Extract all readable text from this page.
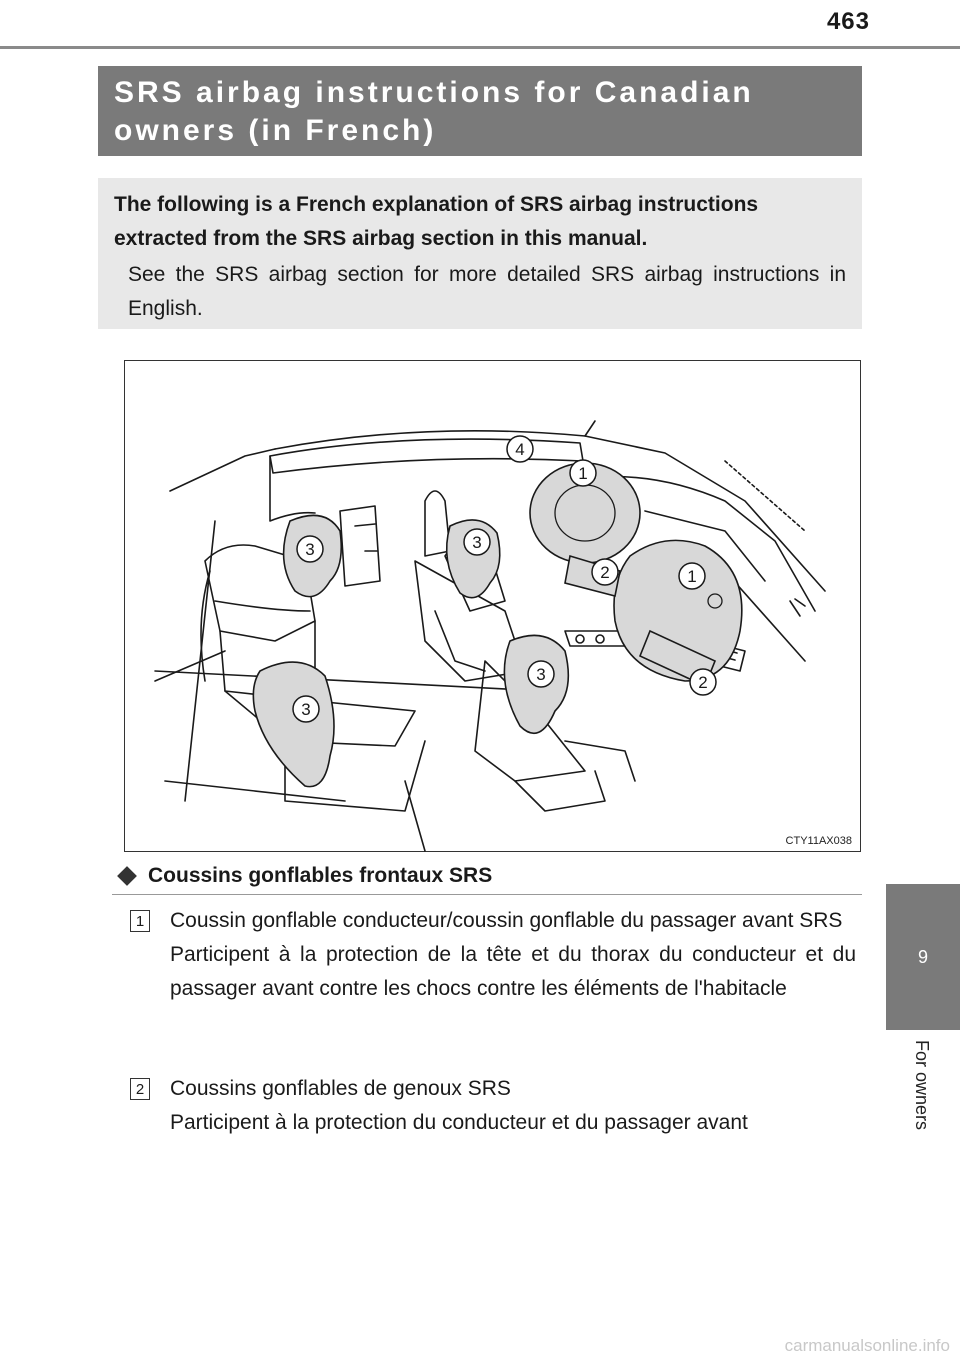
463
9
For owners
SRS airbag instructions for Canadian owners (in French)

The following is a French explanation of SRS airbag instructions extracted from the SRS airbag section in this manual.

See the SRS airbag section for more detailed SRS airbag instructions in English.

4
1
3	3
2	1
3
3
2
CTY11AX038
Coussins gonflables frontaux SRS
1 Coussin gonflable conducteur/coussin gonflable du passager avant SRS

Participent à la protection de la tête et du thorax du conducteur et du passager avant contre les chocs contre les éléments de l'habitacle

2 Coussins gonflables de genoux SRS

Participent à la protection du conducteur et du passager avant

carmanualsonline.info
